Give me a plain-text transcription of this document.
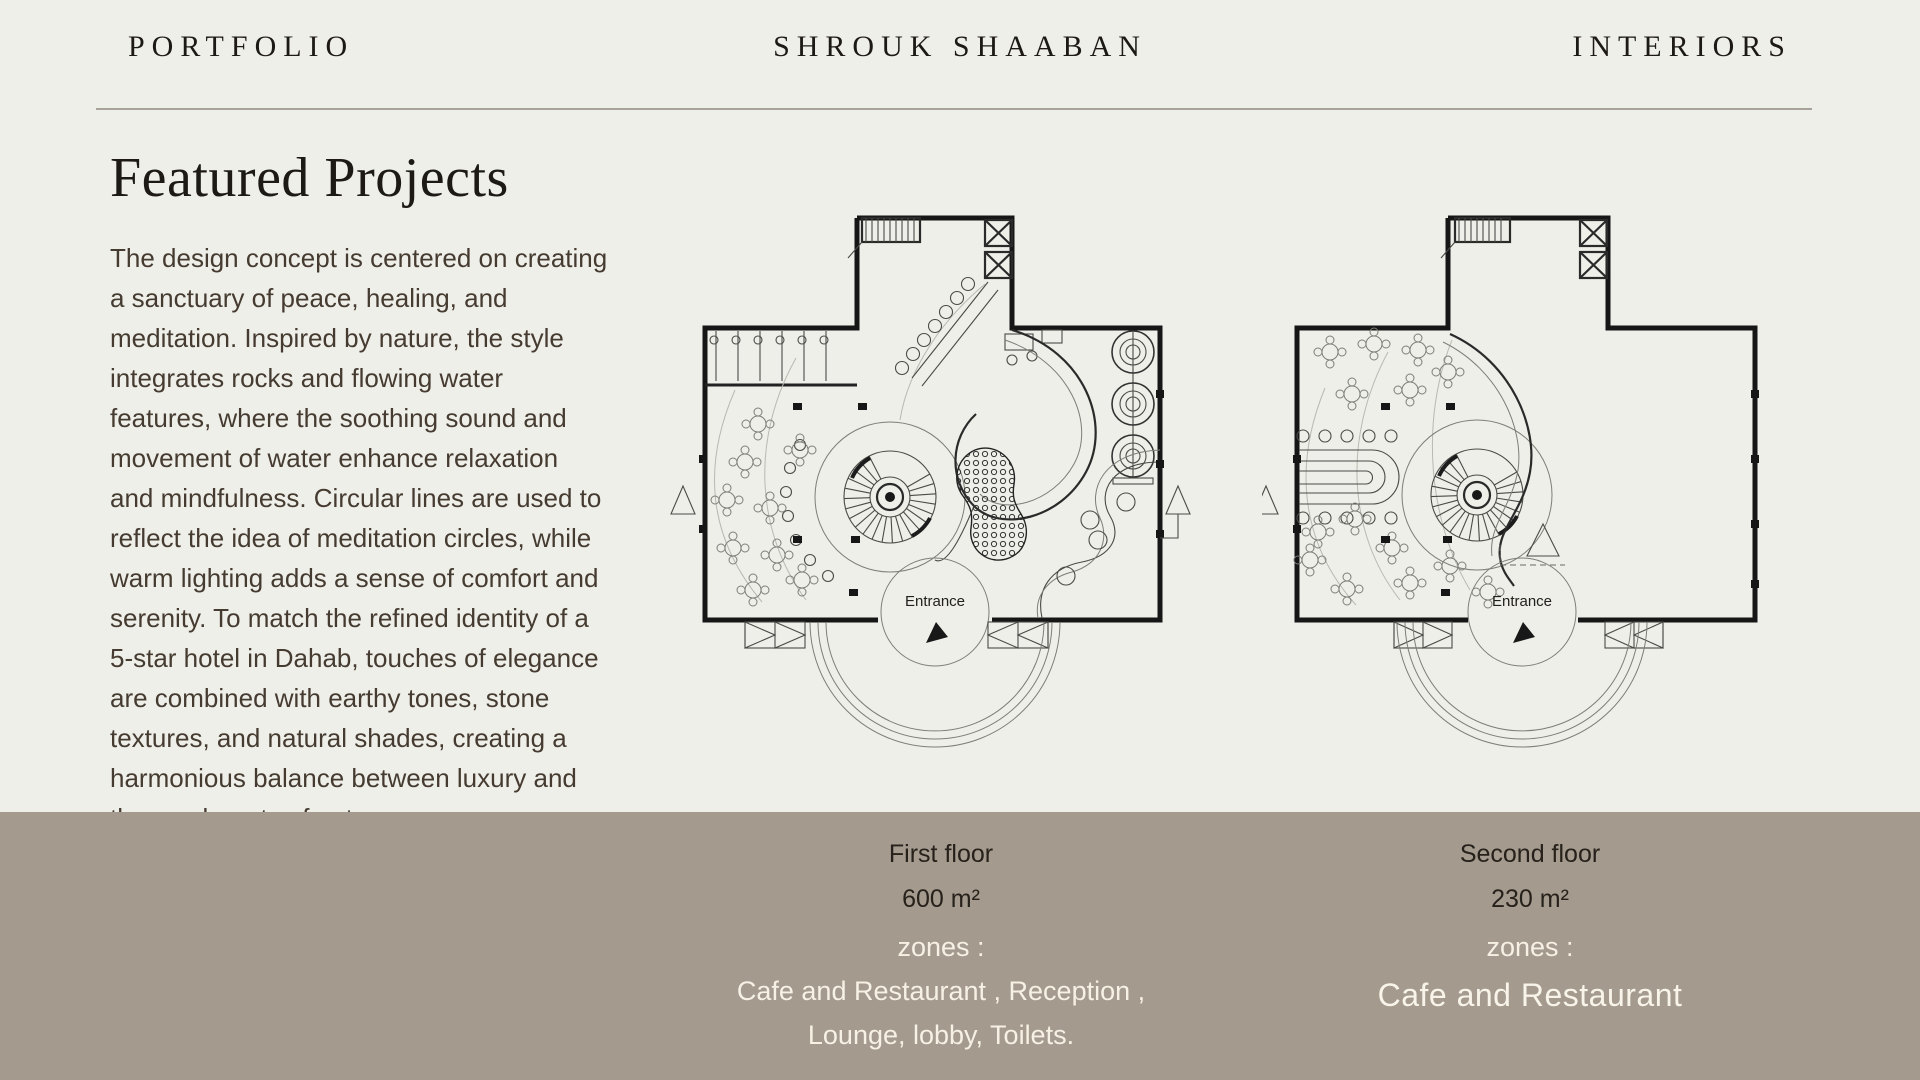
PORTFOLIO	SHROUK SHAABAN	INTERIORS
Featured Projects
The design concept is centered on creating
a sanctuary of peace, healing, and
meditation. Inspired by nature, the style
integrates rocks and flowing water
features, where the soothing sound and
movement of water enhance relaxation
and mindfulness. Circular lines are used to
reflect the idea of meditation circles, while
warm lighting adds a sense of comfort and
serenity. To match the refined identity of a
5-star hotel in Dahab, touches of elegance
are combined with earthy tones, stone
textures, and natural shades, creating a
harmonious balance between luxury and
Entrance	Entrance
First floor
600 m²
zones :
Cafe and Restaurant , Reception ,
Lounge, lobby, Toilets.
Second floor
230 m²
zones :
Cafe and Restaurant
